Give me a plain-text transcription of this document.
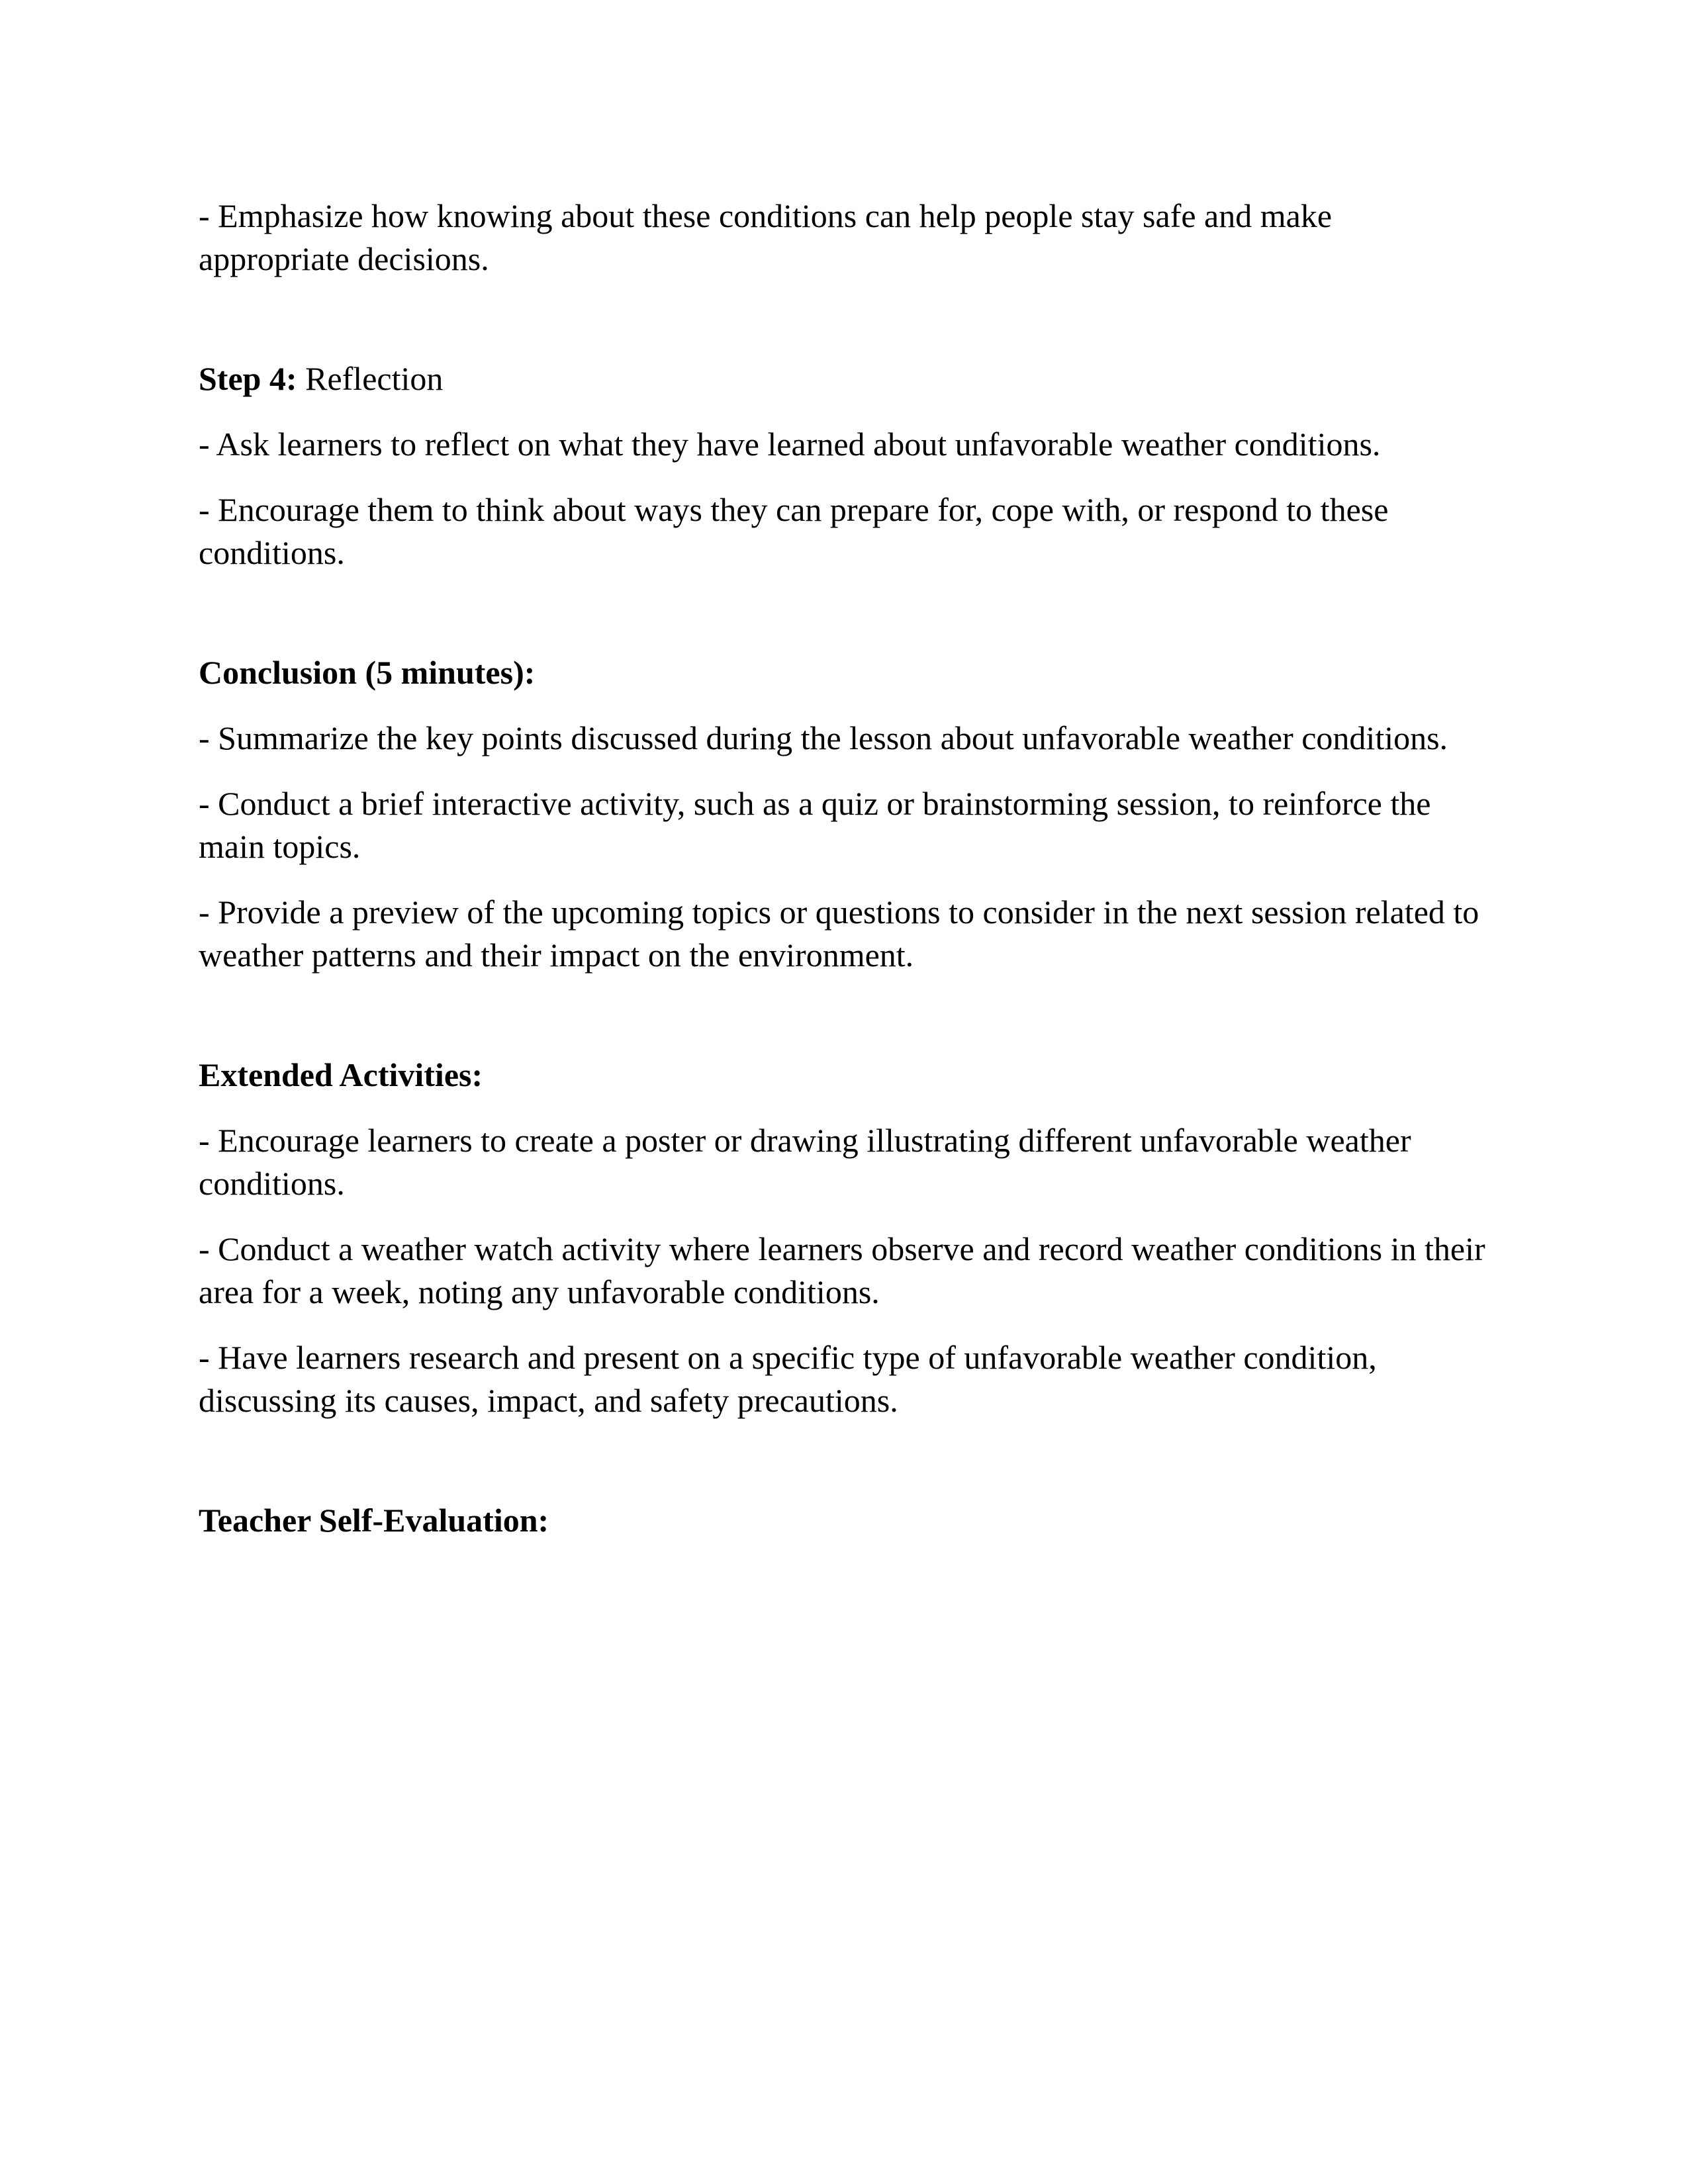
- Emphasize how knowing about these conditions can help people stay safe and make
appropriate decisions.
Step 4: Reflection
- Ask learners to reflect on what they have learned about unfavorable weather conditions.
- Encourage them to think about ways they can prepare for, cope with, or respond to these
conditions.
Conclusion (5 minutes):
- Summarize the key points discussed during the lesson about unfavorable weather conditions.
- Conduct a brief interactive activity, such as a quiz or brainstorming session, to reinforce the
main topics.
- Provide a preview of the upcoming topics or questions to consider in the next session related to
weather patterns and their impact on the environment.
Extended Activities:
- Encourage learners to create a poster or drawing illustrating different unfavorable weather
conditions.
- Conduct a weather watch activity where learners observe and record weather conditions in their
area for a week, noting any unfavorable conditions.
- Have learners research and present on a specific type of unfavorable weather condition,
discussing its causes, impact, and safety precautions.
Teacher Self-Evaluation:
